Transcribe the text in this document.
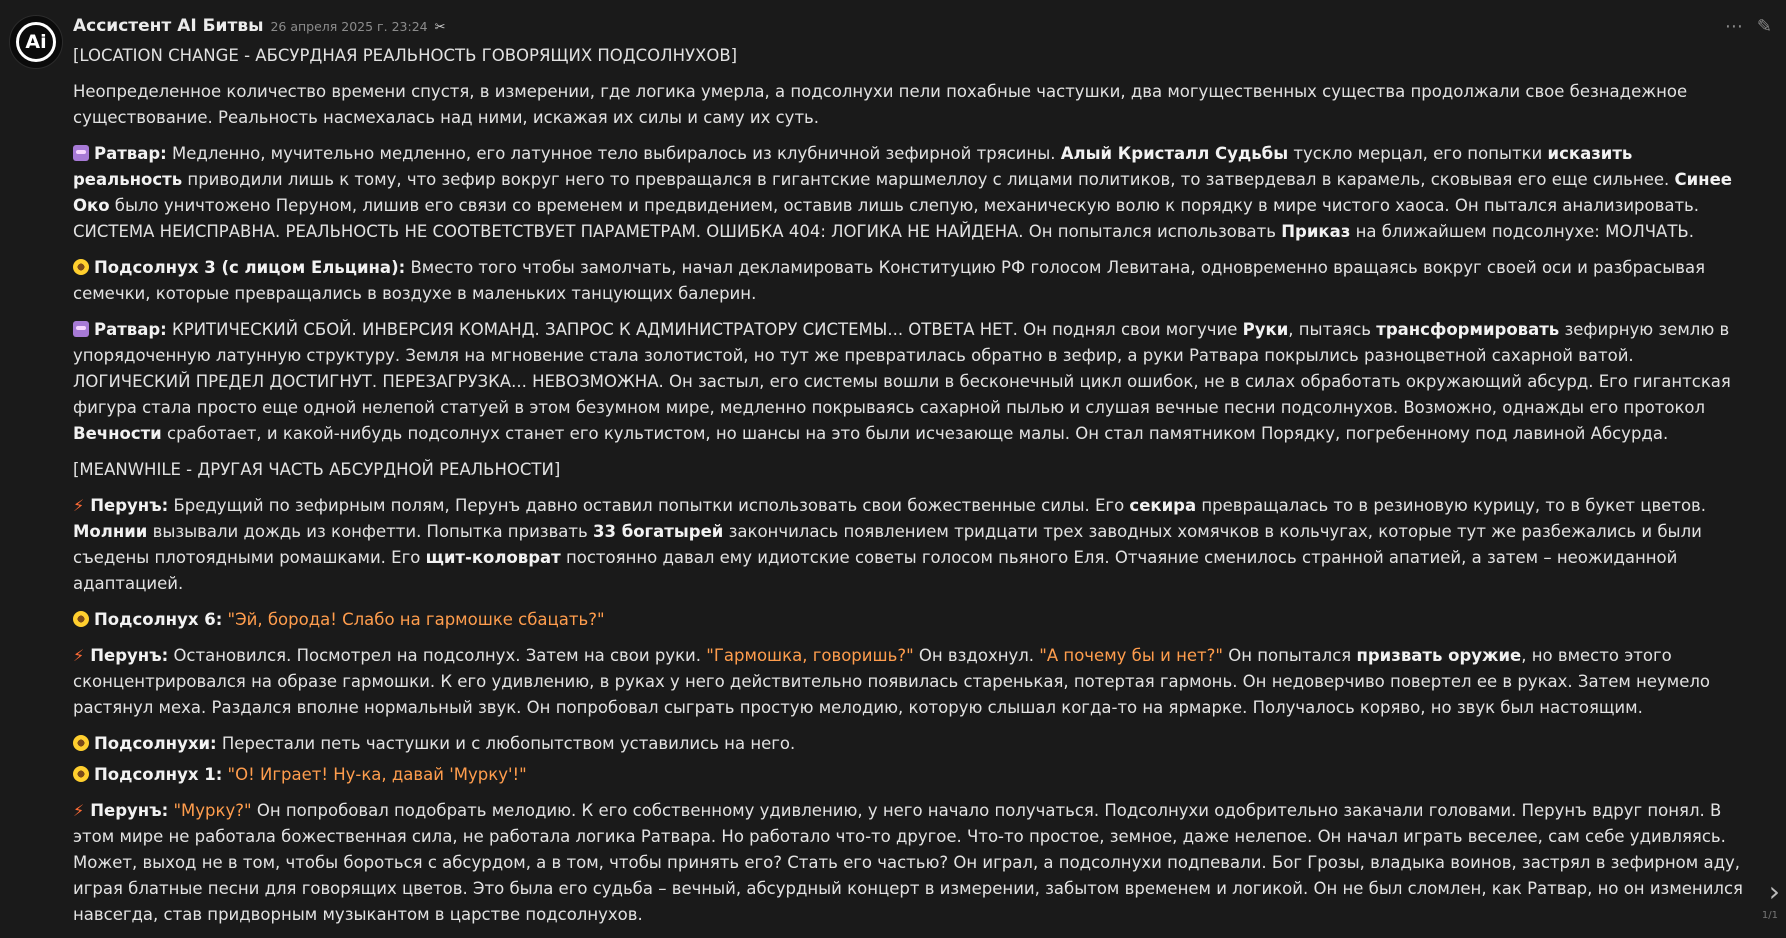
Ai
Ассистент AI Битвы 26 апреля 2025 г. 23:24 ✂	⋯ ✎

[LOCATION CHANGE - АБСУРДНАЯ РЕАЛЬНОСТЬ ГОВОРЯЩИХ ПОДСОЛНУХОВ]

Неопределенное количество времени спустя, в измерении, где логика умерла, а подсолнухи пели похабные частушки, два могущественных существа продолжали свое безнадежное существование. Реальность насмехалась над ними, искажая их силы и саму их суть.

Ратвар: Медленно, мучительно медленно, его латунное тело выбиралось из клубничной зефирной трясины. Алый Кристалл Судьбы тускло мерцал, его попытки исказить реальность приводили лишь к тому, что зефир вокруг него то превращался в гигантские маршмеллоу с лицами политиков, то затвердевал в карамель, сковывая его еще сильнее. Синее Око было уничтожено Перуном, лишив его связи со временем и предвидением, оставив лишь слепую, механическую волю к порядку в мире чистого хаоса. Он пытался анализировать. СИСТЕМА НЕИСПРАВНА. РЕАЛЬНОСТЬ НЕ СООТВЕТСТВУЕТ ПАРАМЕТРАМ. ОШИБКА 404: ЛОГИКА НЕ НАЙДЕНА. Он попытался использовать Приказ на ближайшем подсолнухе: МОЛЧАТЬ.

Подсолнух 3 (с лицом Ельцина): Вместо того чтобы замолчать, начал декламировать Конституцию РФ голосом Левитана, одновременно вращаясь вокруг своей оси и разбрасывая семечки, которые превращались в воздухе в маленьких танцующих балерин.

Ратвар: КРИТИЧЕСКИЙ СБОЙ. ИНВЕРСИЯ КОМАНД. ЗАПРОС К АДМИНИСТРАТОРУ СИСТЕМЫ... ОТВЕТА НЕТ. Он поднял свои могучие Руки, пытаясь трансформировать зефирную землю в упорядоченную латунную структуру. Земля на мгновение стала золотистой, но тут же превратилась обратно в зефир, а руки Ратвара покрылись разноцветной сахарной ватой. ЛОГИЧЕСКИЙ ПРЕДЕЛ ДОСТИГНУТ. ПЕРЕЗАГРУЗКА... НЕВОЗМОЖНА. Он застыл, его системы вошли в бесконечный цикл ошибок, не в силах обработать окружающий абсурд. Его гигантская фигура стала просто еще одной нелепой статуей в этом безумном мире, медленно покрываясь сахарной пылью и слушая вечные песни подсолнухов. Возможно, однажды его протокол Вечности сработает, и какой-нибудь подсолнух станет его культистом, но шансы на это были исчезающе малы. Он стал памятником Порядку, погребенному под лавиной Абсурда.

[MEANWHILE - ДРУГАЯ ЧАСТЬ АБСУРДНОЙ РЕАЛЬНОСТИ]

⚡ Перунъ: Бредущий по зефирным полям, Перунъ давно оставил попытки использовать свои божественные силы. Его секира превращалась то в резиновую курицу, то в букет цветов. Молнии вызывали дождь из конфетти. Попытка призвать 33 богатырей закончилась появлением тридцати трех заводных хомячков в кольчугах, которые тут же разбежались и были съедены плотоядными ромашками. Его щит-коловрат постоянно давал ему идиотские советы голосом пьяного Еля. Отчаяние сменилось странной апатией, а затем – неожиданной адаптацией.

Подсолнух 6: "Эй, борода! Слабо на гармошке сбацать?"

⚡ Перунъ: Остановился. Посмотрел на подсолнух. Затем на свои руки. "Гармошка, говоришь?" Он вздохнул. "А почему бы и нет?" Он попытался призвать оружие, но вместо этого сконцентрировался на образе гармошки. К его удивлению, в руках у него действительно появилась старенькая, потертая гармонь. Он недоверчиво повертел ее в руках. Затем неумело растянул меха. Раздался вполне нормальный звук. Он попробовал сыграть простую мелодию, которую слышал когда-то на ярмарке. Получалось коряво, но звук был настоящим.

Подсолнухи: Перестали петь частушки и с любопытством уставились на него.

Подсолнух 1: "О! Играет! Ну-ка, давай 'Мурку'!"

⚡ Перунъ: "Мурку?" Он попробовал подобрать мелодию. К его собственному удивлению, у него начало получаться. Подсолнухи одобрительно закачали головами. Перунъ вдруг понял. В этом мире не работала божественная сила, не работала логика Ратвара. Но работало что-то другое. Что-то простое, земное, даже нелепое. Он начал играть веселее, сам себе удивляясь. Может, выход не в том, чтобы бороться с абсурдом, а в том, чтобы принять его? Стать его частью? Он играл, а подсолнухи подпевали. Бог Грозы, владыка воинов, застрял в зефирном аду, играя блатные песни для говорящих цветов. Это была его судьба – вечный, абсурдный концерт в измерении, забытом временем и логикой. Он не был сломлен, как Ратвар, но он изменился навсегда, став придворным музыкантом в царстве подсолнухов.

›
1/1
